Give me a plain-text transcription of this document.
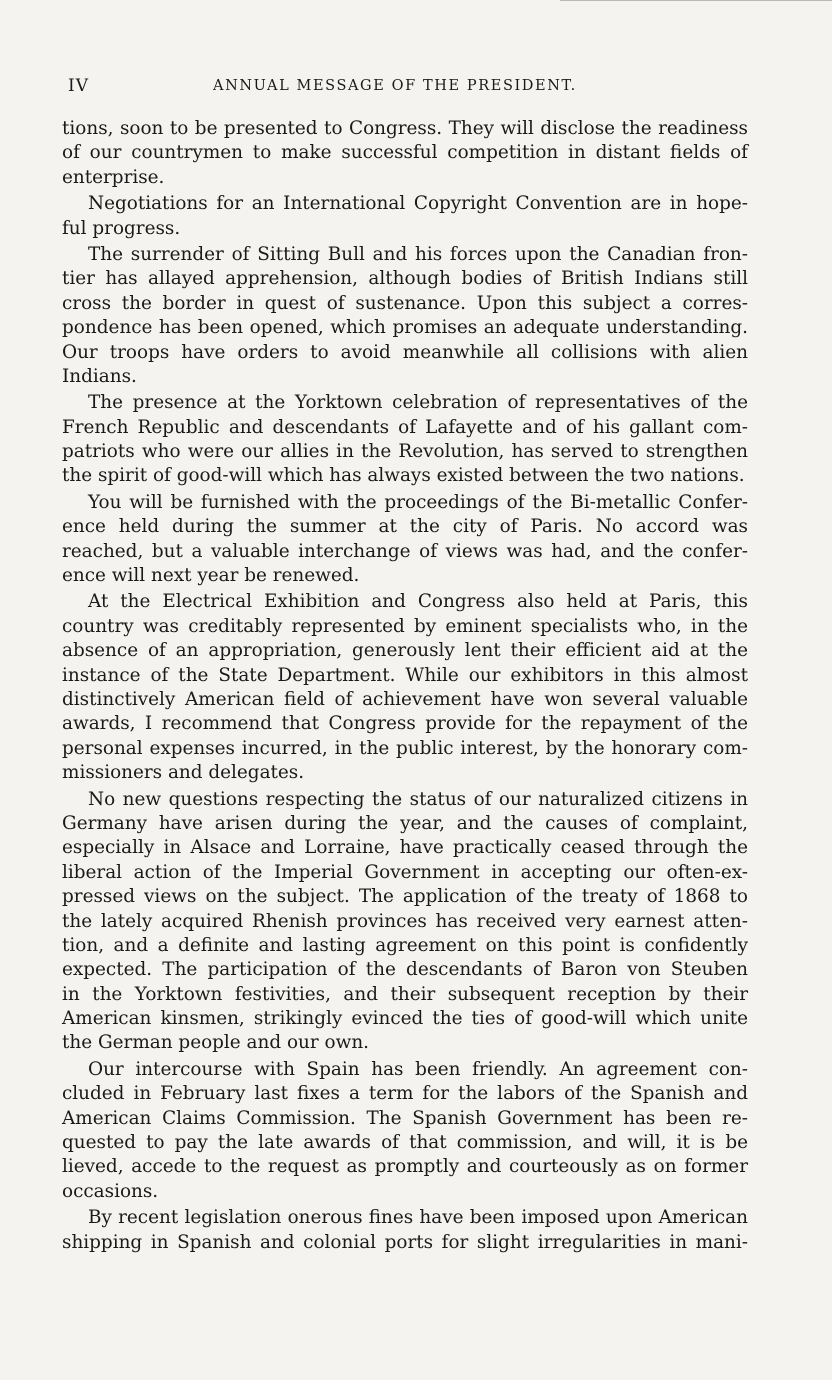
IV	ANNUAL MESSAGE OF THE PRESIDENT.
tions, soon to be presented to Congress. They will disclose the readiness
of our countrymen to make successful competition in distant fields of
enterprise.
Negotiations for an International Copyright Convention are in hope-
ful progress.
The surrender of Sitting Bull and his forces upon the Canadian fron-
tier has allayed apprehension, although bodies of British Indians still
cross the border in quest of sustenance. Upon this subject a corres-
pondence has been opened, which promises an adequate understanding.
Our troops have orders to avoid meanwhile all collisions with alien
Indians.
The presence at the Yorktown celebration of representatives of the
French Republic and descendants of Lafayette and of his gallant com-
patriots who were our allies in the Revolution, has served to strengthen
the spirit of good-will which has always existed between the two nations.
You will be furnished with the proceedings of the Bi-metallic Confer-
ence held during the summer at the city of Paris. No accord was
reached, but a valuable interchange of views was had, and the confer-
ence will next year be renewed.
At the Electrical Exhibition and Congress also held at Paris, this
country was creditably represented by eminent specialists who, in the
absence of an appropriation, generously lent their efficient aid at the
instance of the State Department. While our exhibitors in this almost
distinctively American field of achievement have won several valuable
awards, I recommend that Congress provide for the repayment of the
personal expenses incurred, in the public interest, by the honorary com-
missioners and delegates.
No new questions respecting the status of our naturalized citizens in
Germany have arisen during the year, and the causes of complaint,
especially in Alsace and Lorraine, have practically ceased through the
liberal action of the Imperial Government in accepting our often-ex-
pressed views on the subject. The application of the treaty of 1868 to
the lately acquired Rhenish provinces has received very earnest atten-
tion, and a definite and lasting agreement on this point is confidently
expected. The participation of the descendants of Baron von Steuben
in the Yorktown festivities, and their subsequent reception by their
American kinsmen, strikingly evinced the ties of good-will which unite
the German people and our own.
Our intercourse with Spain has been friendly. An agreement con-
cluded in February last fixes a term for the labors of the Spanish and
American Claims Commission. The Spanish Government has been re-
quested to pay the late awards of that commission, and will, it is be
lieved, accede to the request as promptly and courteously as on former
occasions.
By recent legislation onerous fines have been imposed upon American
shipping in Spanish and colonial ports for slight irregularities in mani-
